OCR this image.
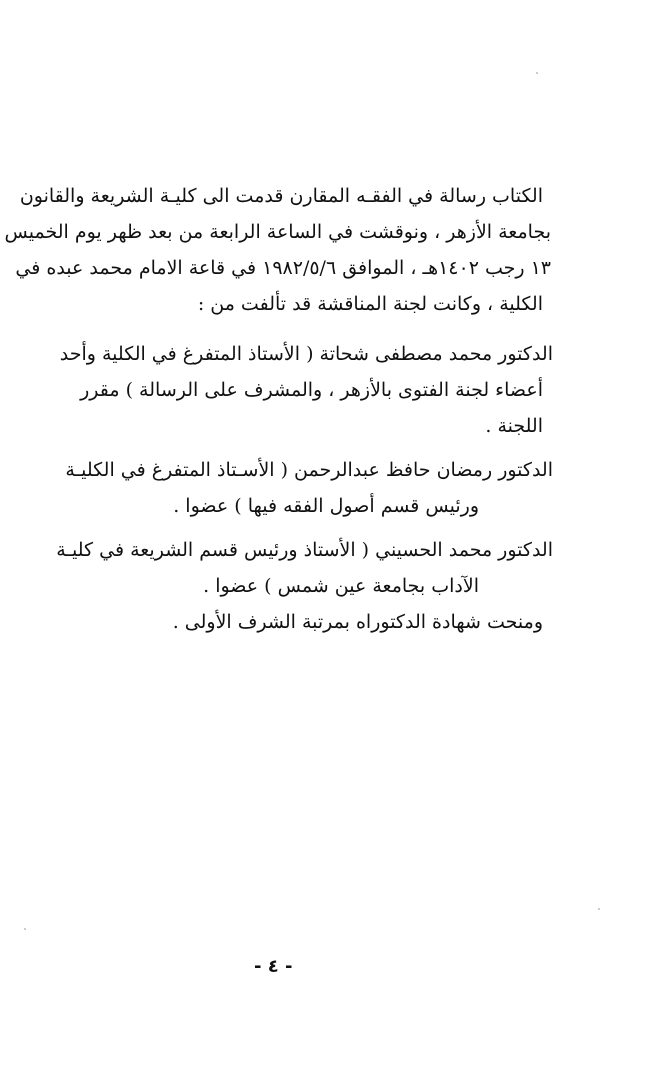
الكتاب رسالة في الفقـه المقارن قدمت الى كليـة الشريعة والقانون
بجامعة الأزهر ، ونوقشت في الساعة الرابعة من بعد ظهر يوم الخميس
١٣ رجب ١٤٠٢هـ ، الموافق ١٩٨٢/٥/٦ في قاعة الامام محمد عبده في
الكلية ، وكانت لجنة المناقشة قد تألفت من :
الدكتور محمد مصطفى شحاتة ( الأستاذ المتفرغ في الكلية وأحد
أعضاء لجنة الفتوى بالأزهر ، والمشرف على الرسالة ) مقرر
اللجنة .
الدكتور رمضان حافظ عبدالرحمن ( الأسـتاذ المتفرغ في الكليـة
ورئيس قسم أصول الفقه فيها ) عضوا .
الدكتور محمد الحسيني ( الأستاذ ورئيس قسم الشريعة في كليـة
الآداب بجامعة عين شمس ) عضوا .
ومنحت شهادة الدكتوراه بمرتبة الشرف الأولى .
- ٤ -
